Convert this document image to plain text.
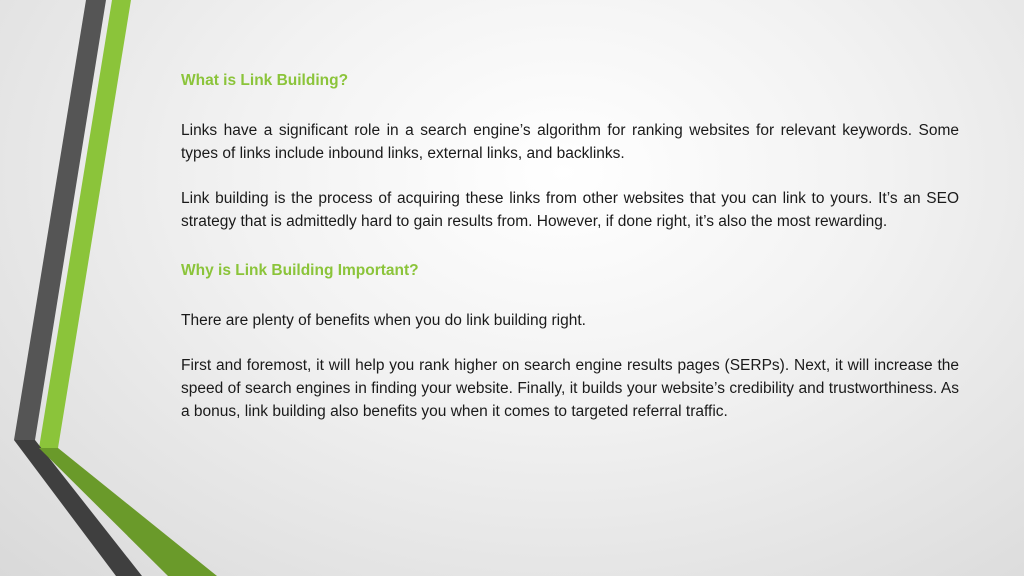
What is Link Building?

Links have a significant role in a search engine’s algorithm for ranking websites for relevant keywords. Some types of links include inbound links, external links, and backlinks.

Link building is the process of acquiring these links from other websites that you can link to yours. It’s an SEO strategy that is admittedly hard to gain results from. However, if done right, it’s also the most rewarding.

Why is Link Building Important?

There are plenty of benefits when you do link building right.

First and foremost, it will help you rank higher on search engine results pages (SERPs). Next, it will increase the speed of search engines in finding your website. Finally, it builds your website’s credibility and trustworthiness. As a bonus, link building also benefits you when it comes to targeted referral traffic.
